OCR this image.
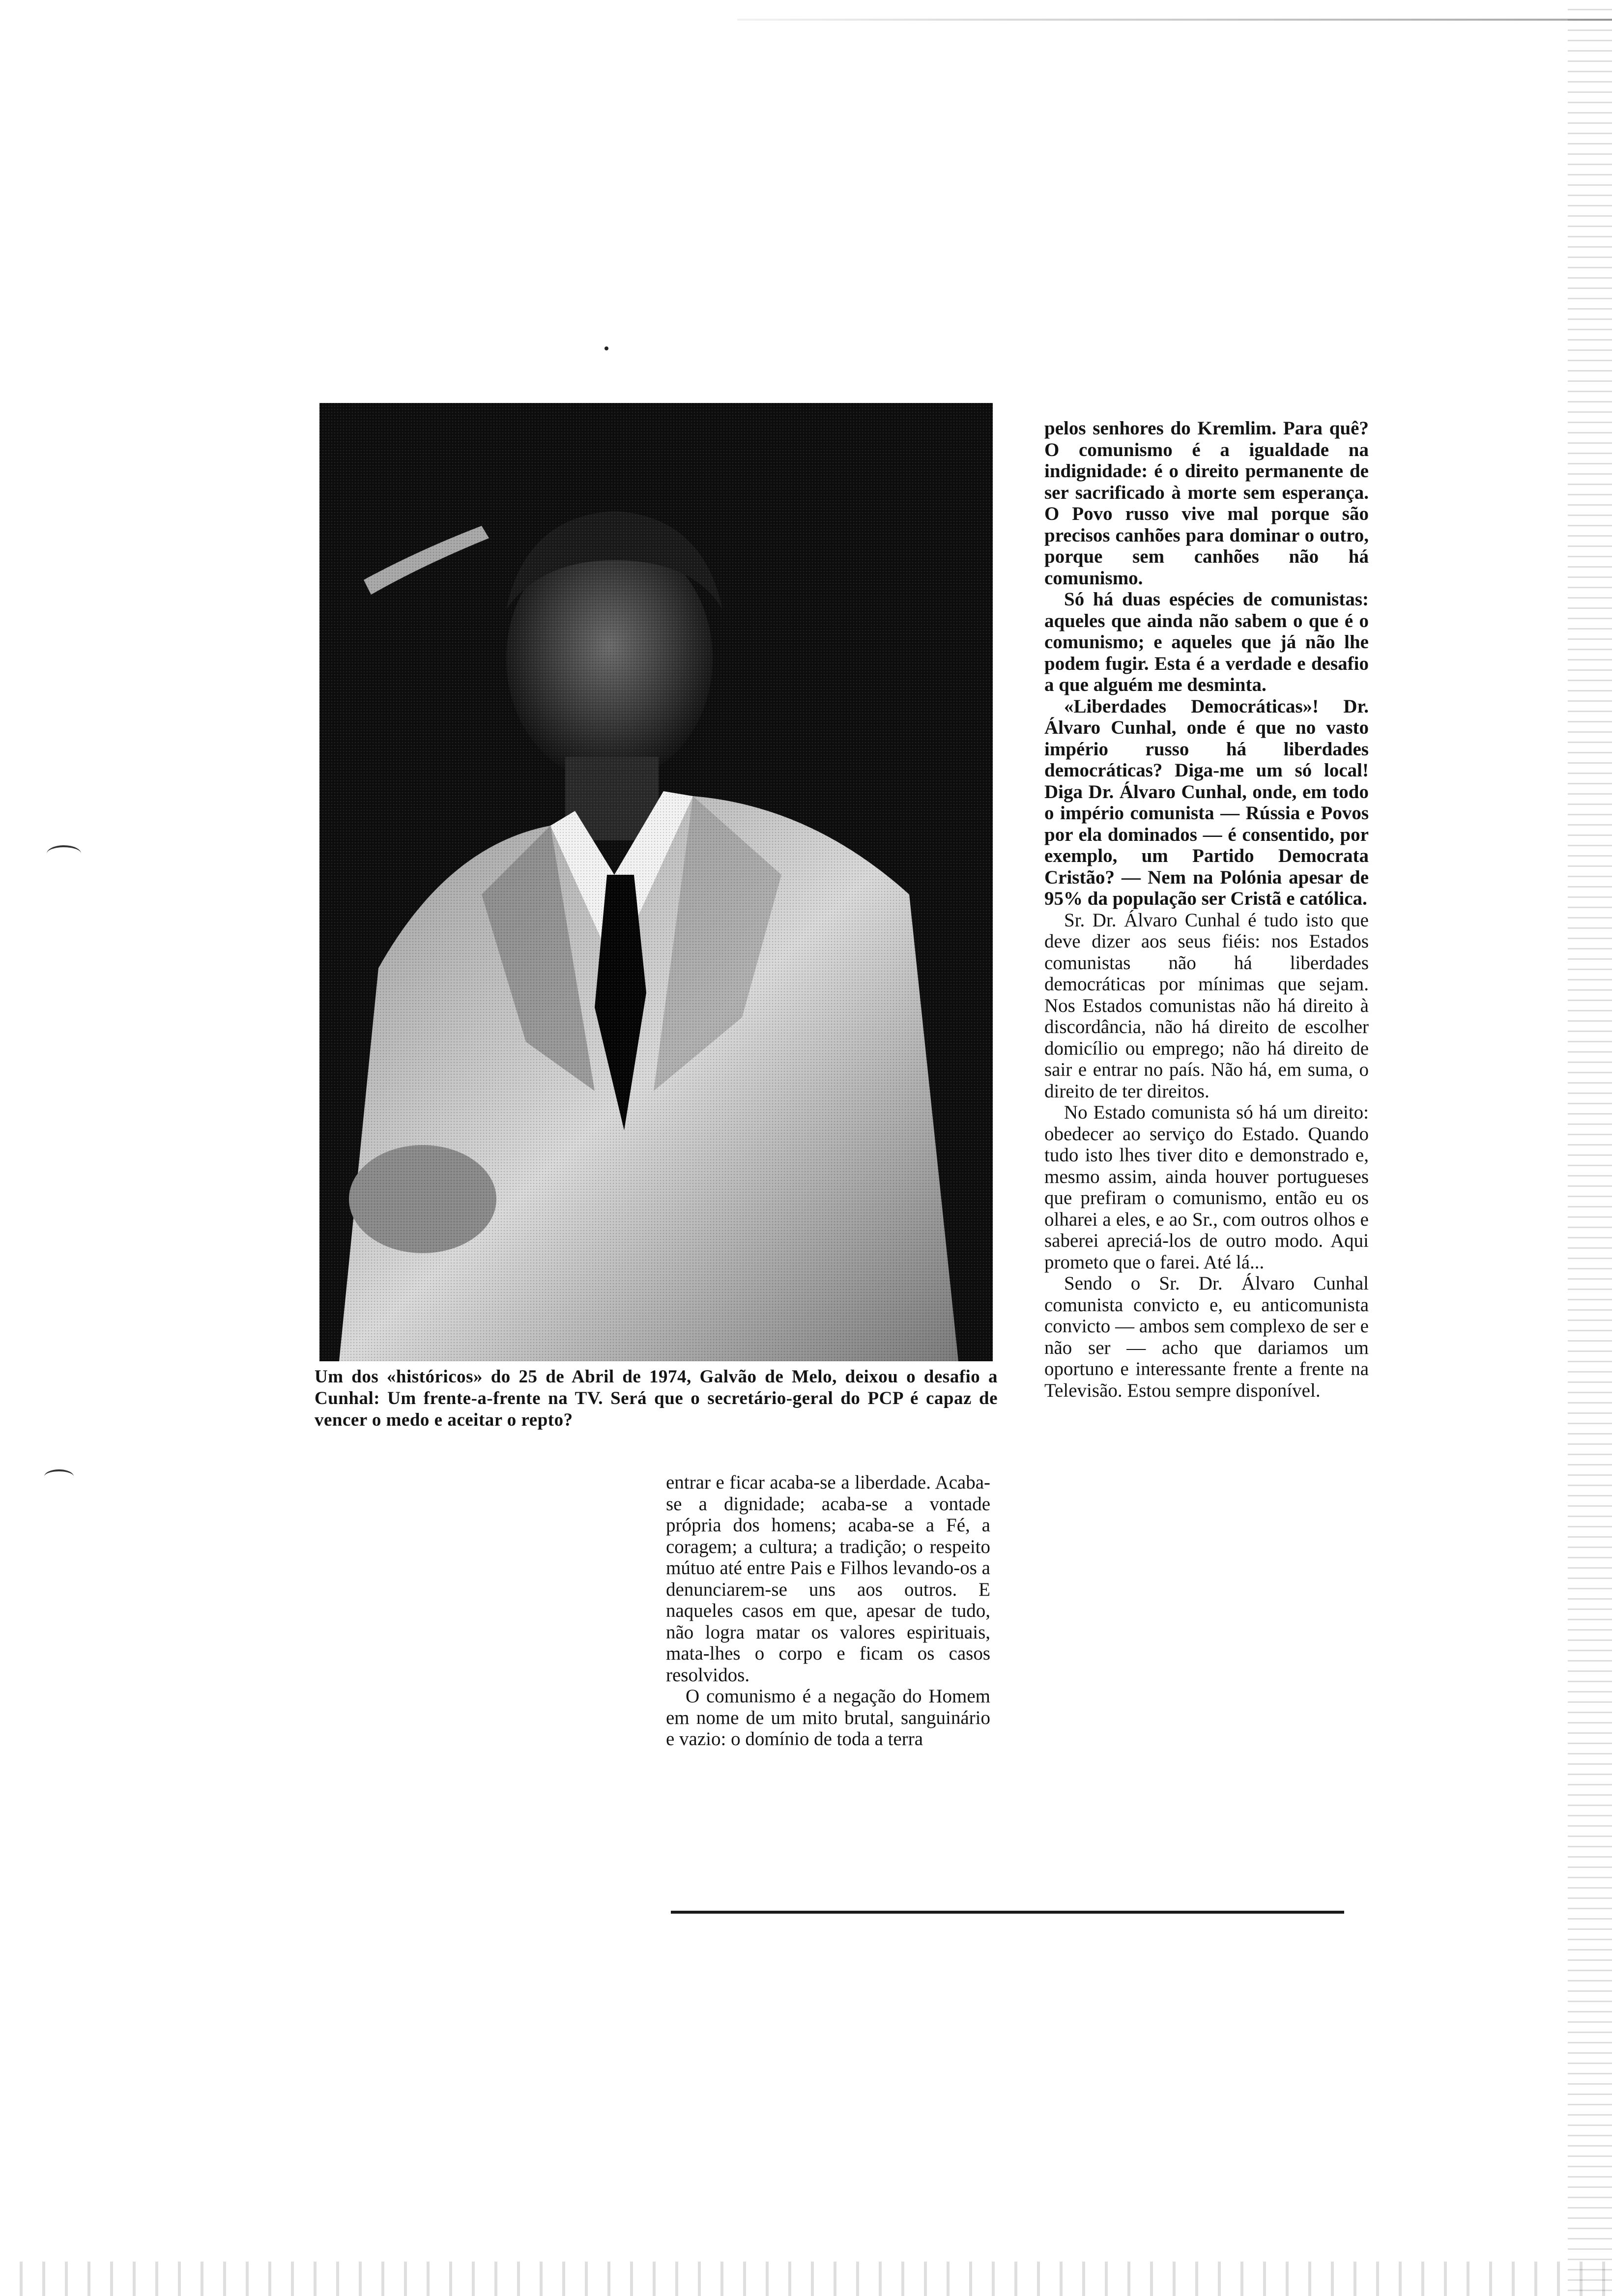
Um dos «históricos» do 25 de Abril de 1974, Galvão de Melo, deixou o desafio a Cunhal: Um frente-a-frente na TV. Será que o secretário-geral do PCP é capaz de vencer o medo e aceitar o repto?

pelos senhores do Kremlim. Para quê? O comunismo é a igualdade na indignidade: é o direito permanente de ser sacrificado à morte sem esperança. O Povo russo vive mal porque são precisos canhões para dominar o outro, porque sem canhões não há comunismo.

Só há duas espécies de comunistas: aqueles que ainda não sabem o que é o comunismo; e aqueles que já não lhe podem fugir. Esta é a verdade e desafio a que alguém me desminta.

«Liberdades Democráticas»! Dr. Álvaro Cunhal, onde é que no vasto império russo há liberdades democráticas? Diga-me um só local! Diga Dr. Álvaro Cunhal, onde, em todo o império comunista — Rússia e Povos por ela dominados — é consentido, por exemplo, um Partido Democrata Cristão? — Nem na Polónia apesar de 95% da população ser Cristã e católica.

Sr. Dr. Álvaro Cunhal é tudo isto que deve dizer aos seus fiéis: nos Estados comunistas não há liberdades democráticas por mínimas que sejam. Nos Estados comunistas não há direito à discordância, não há direito de escolher domicílio ou emprego; não há direito de sair e entrar no país. Não há, em suma, o direito de ter direitos.

No Estado comunista só há um direito: obedecer ao serviço do Estado. Quando tudo isto lhes tiver dito e demonstrado e, mesmo assim, ainda houver portugueses que prefiram o comunismo, então eu os olharei a eles, e ao Sr., com outros olhos e saberei apreciá-los de outro modo. Aqui prometo que o farei. Até lá...

Sendo o Sr. Dr. Álvaro Cunhal comunista convicto e, eu anticomunista convicto — ambos sem complexo de ser e não ser — acho que dariamos um oportuno e interessante frente a frente na Televisão. Estou sempre disponível.

entrar e ficar acaba-se a liberdade. Acaba-se a dignidade; acaba-se a vontade própria dos homens; acaba-se a Fé, a coragem; a cultura; a tradição; o respeito mútuo até entre Pais e Filhos levando-os a denunciarem-se uns aos outros. E naqueles casos em que, apesar de tudo, não logra matar os valores espirituais, mata-lhes o corpo e ficam os casos resolvidos.

O comunismo é a negação do Homem em nome de um mito brutal, sanguinário e vazio: o domínio de toda a terra
